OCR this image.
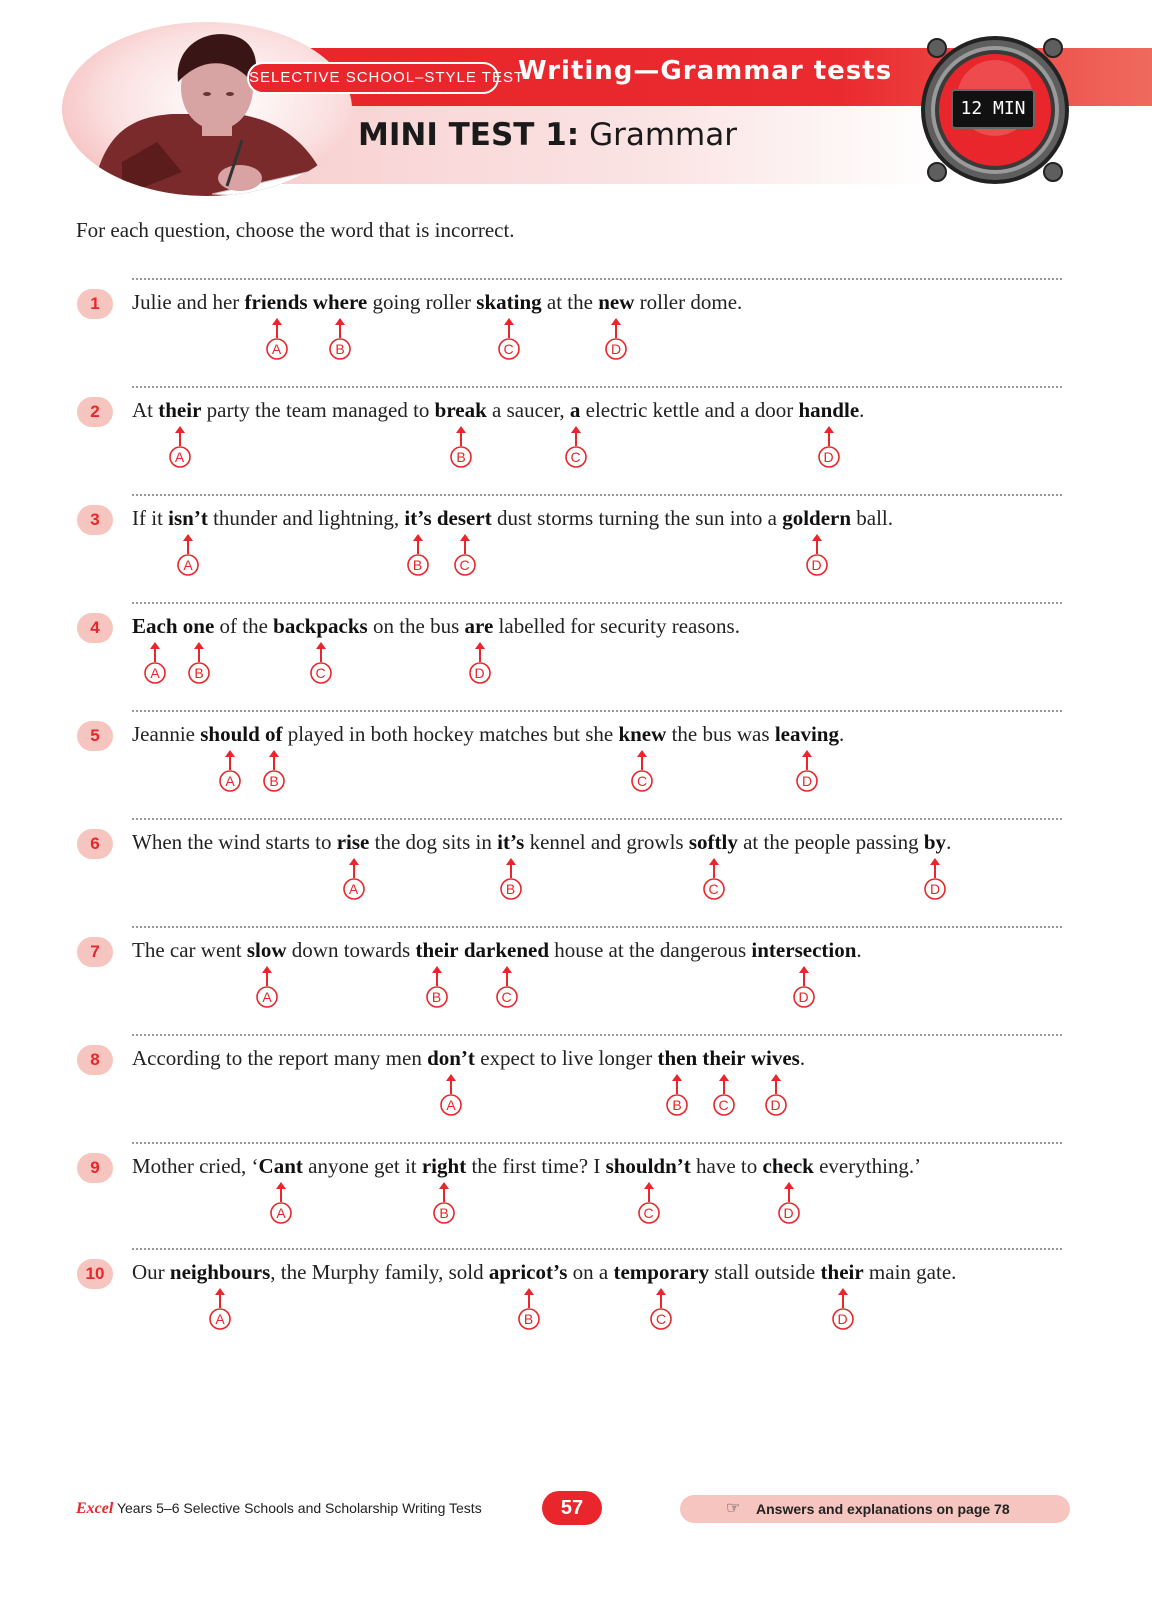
SELECTIVE SCHOOL–STYLE TEST
Writing—Grammar tests
MINI TEST 1: Grammar
12 MIN
For each question, choose the word that is incorrect.
1	Julie and her friends where going roller skating at the new roller dome.
A	B	C	D
2	At their party the team managed to break a saucer, a electric kettle and a door handle.
A	B	C	D
3	If it isn’t thunder and lightning, it’s desert dust storms turning the sun into a goldern ball.
A	B	C	D
4	Each one of the backpacks on the bus are labelled for security reasons.
A	B	C	D
5	Jeannie should of played in both hockey matches but she knew the bus was leaving.
A	B	C	D
6	When the wind starts to rise the dog sits in it’s kennel and growls softly at the people passing by.
A	B	C	D
7	The car went slow down towards their darkened house at the dangerous intersection.
A	B	C	D
8	According to the report many men don’t expect to live longer then their wives.
A	B	C	D
9	Mother cried, ‘Cant anyone get it right the first time? I shouldn’t have to check everything.’
A	B	C	D
10	Our neighbours, the Murphy family, sold apricot’s on a temporary stall outside their main gate.
A	B	C	D
Excel Years 5–6 Selective Schools and Scholarship Writing Tests	57	☞ Answers and explanations on page 78
